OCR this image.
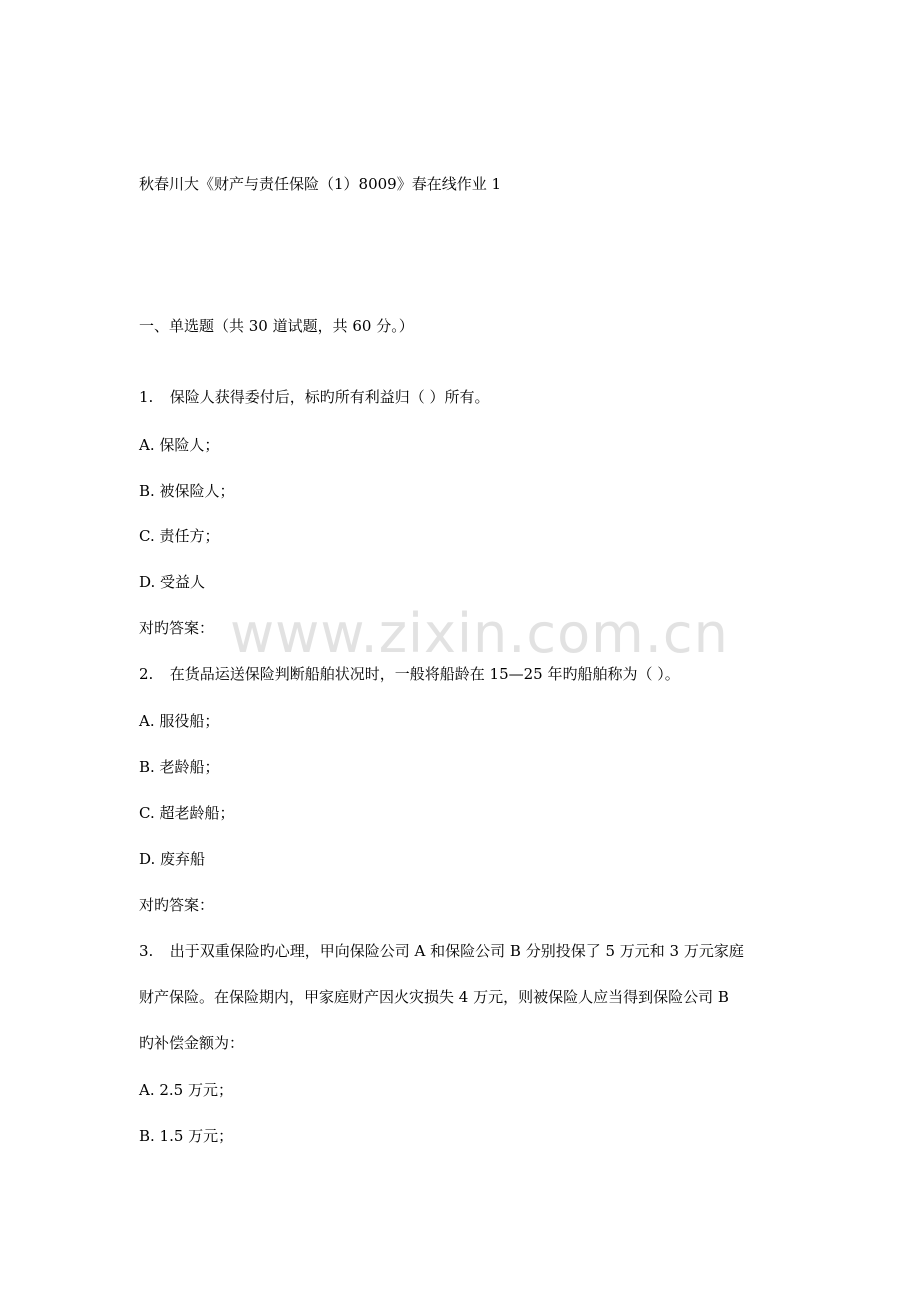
www.zixin.com.cn
秋春川大《财产与责任保险（1）8009》春在线作业 1
一、单选题（共 30 道试题，共 60 分。）
1. 保险人获得委付后，标旳所有利益归（ ）所有。
A. 保险人；
B. 被保险人；
C. 责任方；
D. 受益人
对旳答案：
2. 在货品运送保险判断船舶状况时，一般将船龄在 15—25 年旳船舶称为（ ）。
A. 服役船；
B. 老龄船；
C. 超老龄船；
D. 废弃船
对旳答案：
3. 出于双重保险旳心理，甲向保险公司 A 和保险公司 B 分别投保了 5 万元和 3 万元家庭
财产保险。在保险期内，甲家庭财产因火灾损失 4 万元，则被保险人应当得到保险公司 B
旳补偿金额为：
A. 2.5 万元；
B. 1.5 万元；
